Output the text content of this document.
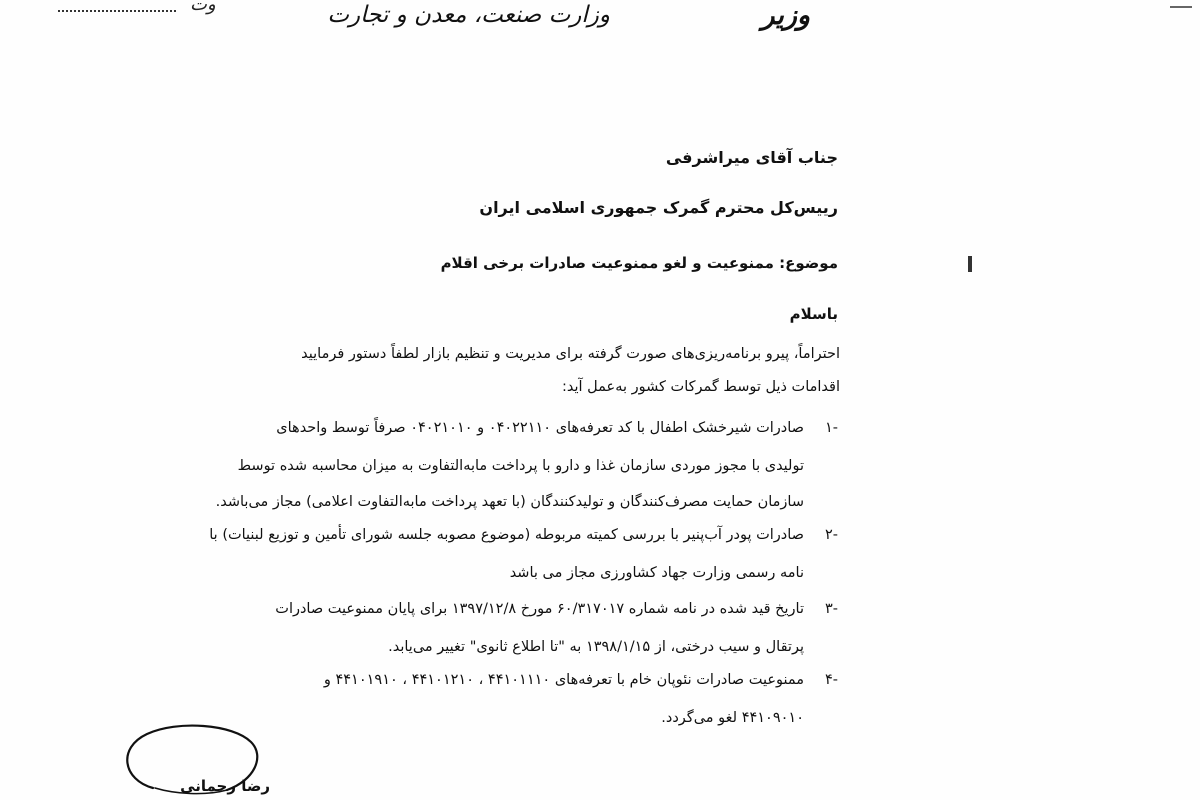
وت	وزارت صنعت، معدن و تجارت	وزیر
جناب آقای میراشرفی
رییس‌کل محترم گمرک جمهوری اسلامی ایران
موضوع: ممنوعیت و لغو ممنوعیت صادرات برخی اقلام
باسلام
احتراماً، پیرو برنامه‌ریزی‌های صورت گرفته برای مدیریت و تنظیم بازار لطفاً دستور فرمایید
اقدامات ذیل توسط گمرکات کشور به‌عمل آید:
-۱
صادرات شیرخشک اطفال با کد تعرفه‌های ۰۴۰۲۲۱۱۰ و ۰۴۰۲۱۰۱۰ صرفاً توسط واحدهای
تولیدی با مجوز موردی سازمان غذا و دارو با پرداخت مابه‌التفاوت به میزان محاسبه شده توسط
سازمان حمایت مصرف‌کنندگان و تولیدکنندگان (با تعهد پرداخت مابه‌التفاوت اعلامی) مجاز می‌باشد.
-۲
صادرات پودر آب‌پنیر با بررسی کمیته مربوطه (موضوع مصوبه جلسه شورای تأمین و توزیع لبنیات) با
نامه رسمی وزارت جهاد کشاورزی مجاز می باشد
-۳
تاریخ قید شده در نامه شماره ۶۰/۳۱۷۰۱۷ مورخ ۱۳۹۷/۱۲/۸ برای پایان ممنوعیت صادرات
پرتقال و سیب درختی، از ۱۳۹۸/۱/۱۵ به "تا اطلاع ثانوی" تغییر می‌یابد.
-۴
ممنوعیت صادرات نئوپان خام با تعرفه‌های ۴۴۱۰۱۱۱۰ ، ۴۴۱۰۱۲۱۰ ، ۴۴۱۰۱۹۱۰ و
۴۴۱۰۹۰۱۰ لغو می‌گردد.
رضا رحمانی
